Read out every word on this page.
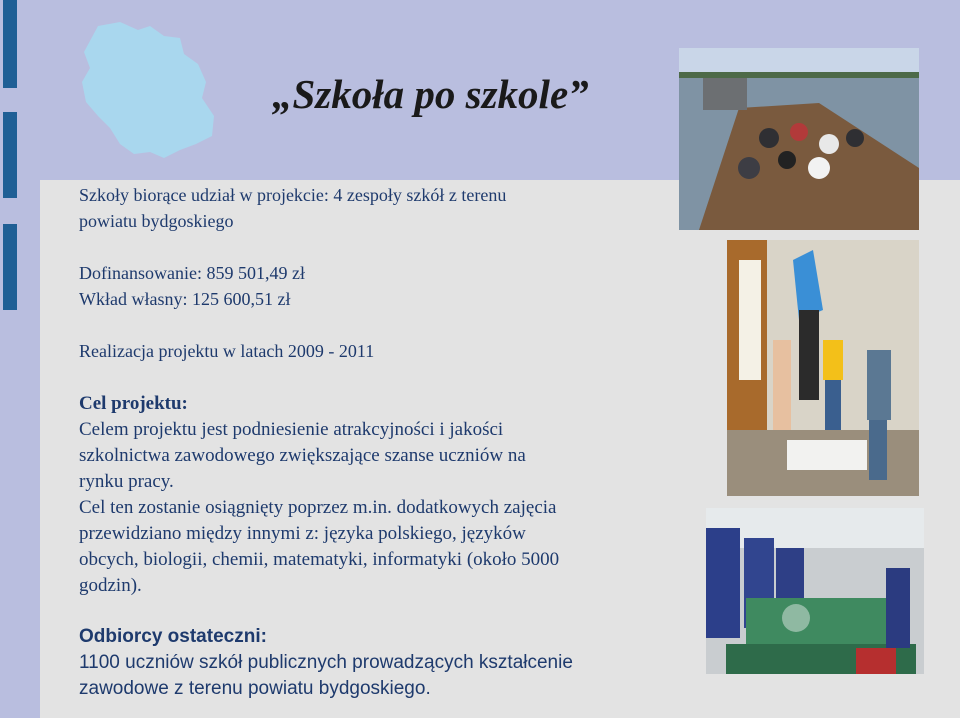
„Szkoła po szkole”
Szkoły biorące udział w projekcie: 4 zespoły szkół z terenu
powiatu bydgoskiego
Dofinansowanie: 859 501,49 zł
Wkład własny: 125 600,51 zł
Realizacja projektu w latach 2009 - 2011
Cel projektu:
Celem projektu jest podniesienie atrakcyjności i jakości
szkolnictwa zawodowego zwiększające szanse uczniów na
rynku pracy.
Cel ten zostanie osiągnięty poprzez m.in. dodatkowych zajęcia
przewidziano między innymi z: języka polskiego, języków
obcych, biologii, chemii, matematyki, informatyki (około 5000
godzin).
Odbiorcy ostateczni:
1100 uczniów szkół publicznych prowadzących kształcenie
zawodowe z terenu powiatu bydgoskiego.
